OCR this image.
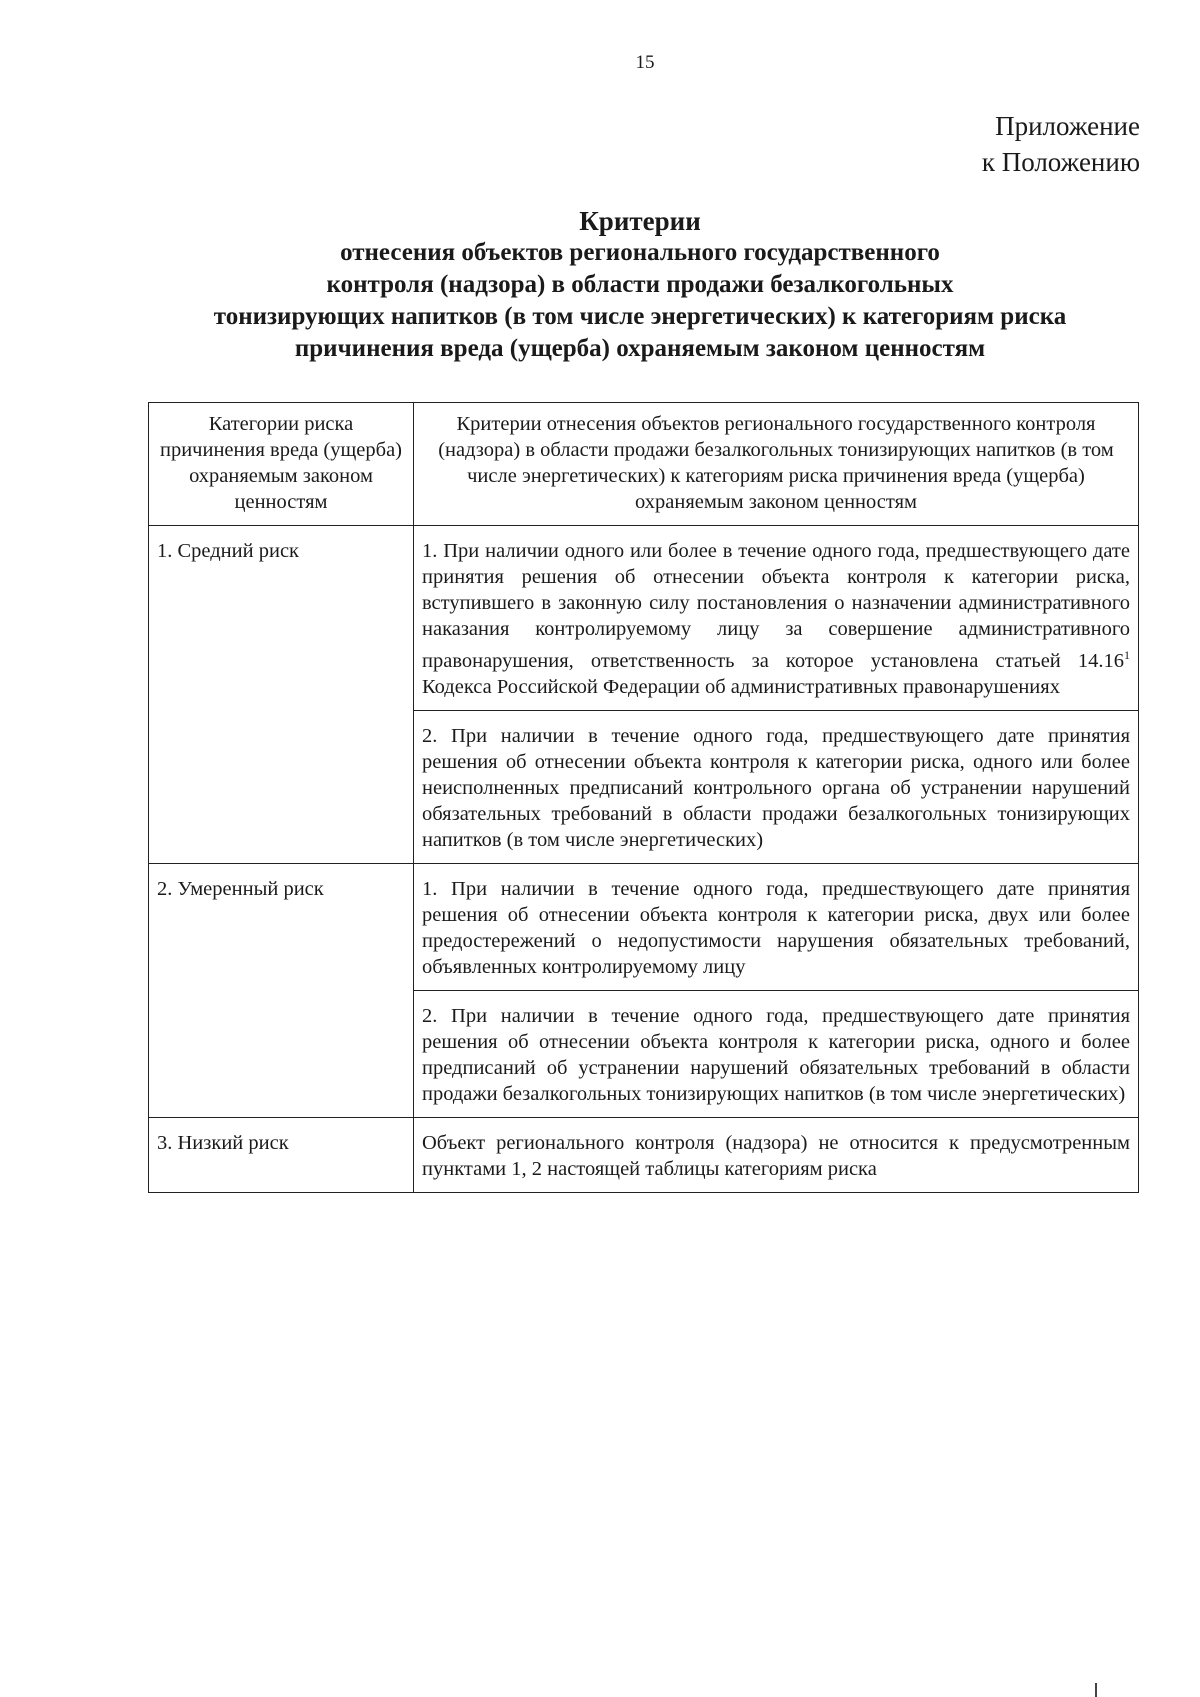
15
Приложение
к Положению
Критерии
отнесения объектов регионального государственного
контроля (надзора) в области продажи безалкогольных
тонизирующих напитков (в том числе энергетических) к категориям риска
причинения вреда (ущерба) охраняемым законом ценностям
Категории риска причинения вреда (ущерба) охраняемым законом ценностям	Критерии отнесения объектов регионального государственного контроля (надзора) в области продажи безалкогольных тонизирующих напитков (в том числе энергетических) к категориям риска причинения вреда (ущерба) охраняемым законом ценностям
1. Средний риск	1. При наличии одного или более в течение одного года, предшествующего дате принятия решения об отнесении объекта контроля к категории риска, вступившего в законную силу постановления о назначении административного наказания контролируемому лицу за совершение административного правонарушения, ответственность за которое установлена статьей 14.16$^1$ Кодекса Российской Федерации об административных правонарушениях
	2. При наличии в течение одного года, предшествующего дате принятия решения об отнесении объекта контроля к категории риска, одного или более неисполненных предписаний контрольного органа об устранении нарушений обязательных требований в области продажи безалкогольных тонизирующих напитков (в том числе энергетических)
2. Умеренный риск	1. При наличии в течение одного года, предшествующего дате принятия решения об отнесении объекта контроля к категории риска, двух или более предостережений о недопустимости нарушения обязательных требований, объявленных контролируемому лицу
	2. При наличии в течение одного года, предшествующего дате принятия решения об отнесении объекта контроля к категории риска, одного и более предписаний об устранении нарушений обязательных требований в области продажи безалкогольных тонизирующих напитков (в том числе энергетических)
3. Низкий риск	Объект регионального контроля (надзора) не относится к предусмотренным пунктами 1, 2 настоящей таблицы категориям риска
